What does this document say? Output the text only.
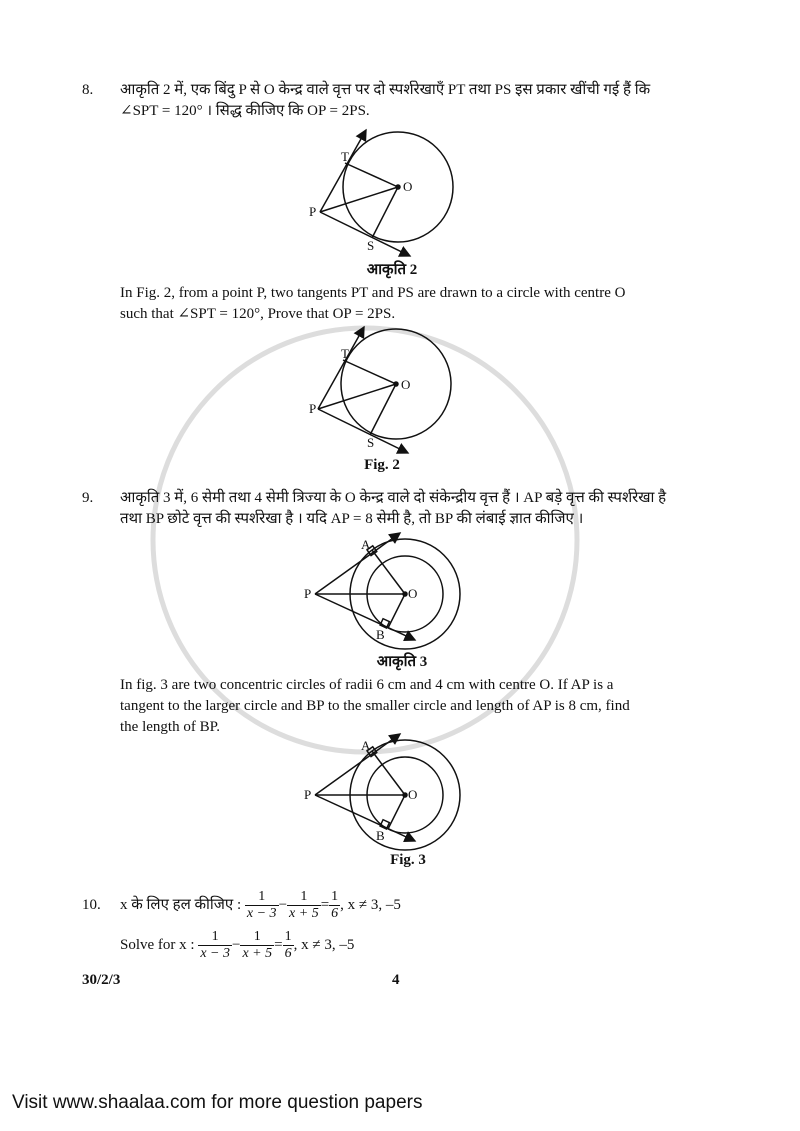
8. आकृति 2 में, एक बिंदु P से O केन्द्र वाले वृत्त पर दो स्पर्शरेखाएँ PT तथा PS इस प्रकार खींची गई हैं कि
∠SPT = 120° । सिद्ध कीजिए कि OP = 2PS.
T
O
P
S
T
O
P
S
A
O
P
B
A
O
P
B
आकृति 2
In Fig. 2, from a point P, two tangents PT and PS are drawn to a circle with centre O
such that ∠SPT = 120°, Prove that OP = 2PS.
Fig. 2
9. आकृति 3 में, 6 सेमी तथा 4 सेमी त्रिज्या के O केन्द्र वाले दो संकेन्द्रीय वृत्त हैं । AP बड़े वृत्त की स्पर्शरेखा है
तथा BP छोटे वृत्त की स्पर्शरेखा है । यदि AP = 8 सेमी है, तो BP की लंबाई ज्ञात कीजिए ।
आकृति 3
In fig. 3 are two concentric circles of radii 6 cm and 4 cm with centre O. If AP is a
tangent to the larger circle and BP to the smaller circle and length of AP is 8 cm, find
the length of BP.
Fig. 3
10. x के लिए हल कीजिए : $\frac{1}{x - 3} - \frac{1}{x + 5} = \frac{1}{6}$ , x ≠ 3, –5
Solve for x : $\frac{1}{x - 3} - \frac{1}{x + 5} = \frac{1}{6}$ , x ≠ 3, –5
30/2/3	4
Visit www.shaalaa.com for more question papers
